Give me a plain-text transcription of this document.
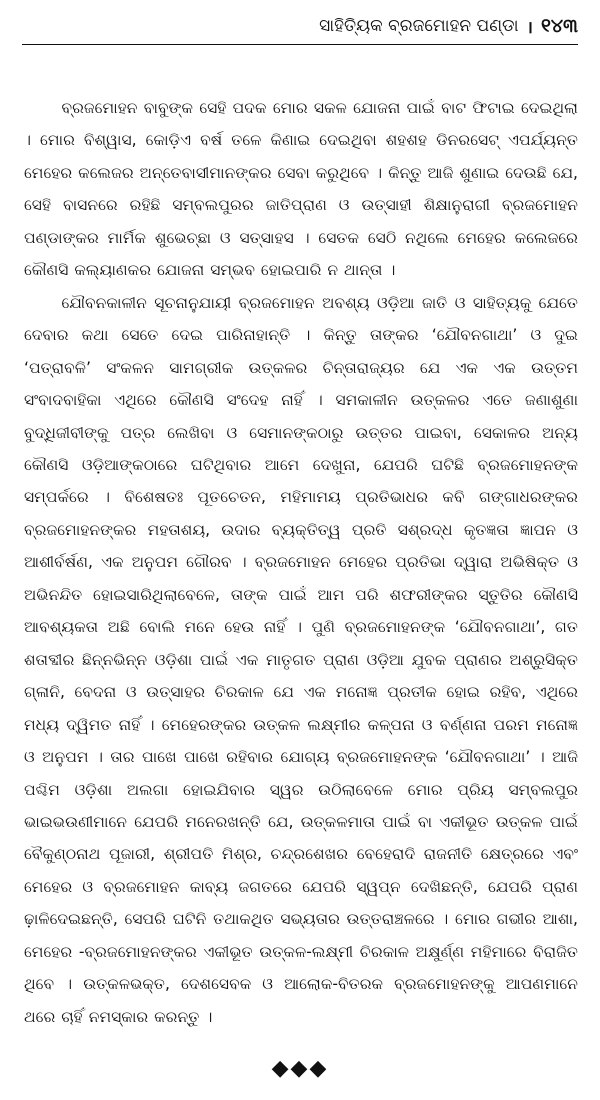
ସାହିତ୍ୟିକ ବ୍ରଜମୋହନ ପଣ୍ଡା । ୧୪୩

ବ୍ରଜମୋହନ ବାବୁଙ୍କ ସେହି ପଦକ ମୋର ସକଳ ଯୋଜନା ପାଇଁ ବାଟ ଫିଟାଇ ଦେଇଥିଲା । ମୋର ବିଶ୍ୱାସ, କୋଡ଼ିଏ ବର୍ଷ ତଳେ କିଣାଇ ଦେଇଥିବା ଶହଶହ ଡିନରସେଟ୍ ଏପର୍ଯ୍ୟନ୍ତ ମେହେର କଲେଜର ଅନ୍ତେବାସୀମାନଙ୍କର ସେବା କରୁଥିବେ । କିନ୍ତୁ ଆଜି ଶୁଣାଇ ଦେଉଛି ଯେ, ସେହି ବାସନରେ ରହିଛି ସମ୍ବଲପୁରର ଜାତିପ୍ରାଣ ଓ ଉତ୍ସାହୀ ଶିକ୍ଷାନୁରାଗୀ ବ୍ରଜମୋହନ ପଣ୍ଡାଙ୍କର ମାର୍ମିକ ଶୁଭେଚ୍ଛା ଓ ସତ୍‌ସାହସ । ସେତକ ସେଠି ନଥିଲେ ମେହେର କଲେଜରେ କୌଣସି କଲ୍ୟାଣକର ଯୋଜନା ସମ୍ଭବ ହୋଇପାରି ନ ଥାନ୍ତା ।

ଯୌବନକାଳୀନ ସୂଚନାନୁଯାୟୀ ବ୍ରଜମୋହନ ଅବଶ୍ୟ ଓଡ଼ିଆ ଜାତି ଓ ସାହିତ୍ୟକୁ ଯେତେ ଦେବାର କଥା ସେତେ ଦେଇ ପାରିନାହାନ୍ତି । କିନ୍ତୁ ତାଙ୍କର ‘ଯୌବନଗାଥା’ ଓ ଦୁଇ ‘ପତ୍ରାବଳି’ ସଂକଳନ ସାମଗ୍ରୀକ ଉତ୍କଳର ଚିନ୍ତାରାଜ୍ୟର ଯେ ଏକ ଏକ ଉତ୍ତମ ସଂବାଦବାହିକା ଏଥିରେ କୌଣସି ସଂଦେହ ନାହିଁ । ସମକାଳୀନ ଉତ୍କଳର ଏତେ ଜଣାଶୁଣା ବୁଦ୍ଧିଜୀବୀଙ୍କୁ ପତ୍ର ଲେଖିବା ଓ ସେମାନଙ୍କଠାରୁ ଉତ୍ତର ପାଇବା, ସେକାଳର ଅନ୍ୟ କୌଣସି ଓଡ଼ିଆଙ୍କଠାରେ ଘଟିଥିବାର ଆମେ ଦେଖୁନା, ଯେପରି ଘଟିଛି ବ୍ରଜମୋହନଙ୍କ ସମ୍ପର୍କରେ । ବିଶେଷତଃ ପୂତଚେତନ, ମହିମାମୟ ପ୍ରତିଭାଧର କବି ଗଙ୍ଗାଧରଙ୍କର ବ୍ରଜମୋହନଙ୍କର ମହତାଶୟ, ଉଦାର ବ୍ୟକ୍ତିତ୍ୱ ପ୍ରତି ସଶ୍ରଦ୍ଧ କୃତଜ୍ଞତା ଜ୍ଞାପନ ଓ ଆଶୀର୍ବର୍ଷଣ, ଏକ ଅନୁପମ ଗୌରବ । ବ୍ରଜମୋହନ ମେହେର ପ୍ରତିଭା ଦ୍ୱାରା ଅଭିଷିକ୍ତ ଓ ଅଭିନନ୍ଦିତ ହୋଇସାରିଥିଲାବେଳେ, ତାଙ୍କ ପାଇଁ ଆମ ପରି ଶଫରୀଙ୍କର ସ୍ତୁତିର କୌଣସି ଆବଶ୍ୟକତା ଅଛି ବୋଲି ମନେ ହେଉ ନାହିଁ । ପୁଣି ବ୍ରଜମୋହନଙ୍କ ‘ଯୌବନଗାଥା’, ଗତ ଶତାବ୍ଦୀର ଛିନ୍ନଭିନ୍ନ ଓଡ଼ିଶା ପାଇଁ ଏକ ମାତୃଗତ ପ୍ରାଣ ଓଡ଼ିଆ ଯୁବକ ପ୍ରାଣର ଅଶ୍ରୁସିକ୍ତ ଗ୍ଳାନି, ବେଦନା ଓ ଉତ୍ସାହର ଚିରକାଳ ଯେ ଏକ ମନୋଜ୍ଞ ପ୍ରତୀକ ହୋଇ ରହିବ, ଏଥିରେ ମଧ୍ୟ ଦ୍ୱିମତ ନାହିଁ । ମେହେରଙ୍କର ଉତ୍କଳ ଲକ୍ଷ୍ମୀର କଳ୍ପନା ଓ ବର୍ଣ୍ଣନା ପରମ ମନୋଜ୍ଞ ଓ ଅନୁପମ । ତାର ପାଖେ ପାଖେ ରହିବାର ଯୋଗ୍ୟ ବ୍ରଜମୋହନଙ୍କ ‘ଯୌବନଗାଥା’ । ଆଜି ପଶ୍ଚିମ ଓଡ଼ିଶା ଅଲଗା ହୋଇଯିବାର ସ୍ୱର ଉଠିଲାବେଳେ ମୋର ପ୍ରିୟ ସମ୍ବଲପୁର ଭାଇଭଉଣୀମାନେ ଯେପରି ମନେରଖନ୍ତି ଯେ, ଉତ୍କଳମାତା ପାଇଁ ବା ଏକୀଭୂତ ଉତ୍କଳ ପାଇଁ ବୈକୁଣ୍ଠନାଥ ପୂଜାରୀ, ଶ୍ରୀପତି ମିଶ୍ର, ଚନ୍ଦ୍ରଶେଖର ବେହେରାଦି ରାଜନୀତି କ୍ଷେତ୍ରରେ ଏବଂ ମେହେର ଓ ବ୍ରଜମୋହନ କାବ୍ୟ ଜଗତରେ ଯେପରି ସ୍ୱପ୍ନ ଦେଖିଛନ୍ତି, ଯେପରି ପ୍ରାଣ ଢ଼ାଳିଦେଇଛନ୍ତି, ସେପରି ଘଟିନି ତଥାକଥିତ ସଭ୍ୟତାର ଉତ୍ତରାଞ୍ଚଳରେ । ମୋର ଗଭୀର ଆଶା, ମେହେର -ବ୍ରଜମୋହନଙ୍କର ଏକୀଭୂତ ଉତ୍କଳ-ଲକ୍ଷ୍ମୀ ଚିରକାଳ ଅକ୍ଷୁର୍ଣ୍ଣ ମହିମାରେ ବିରାଜିତ ଥିବେ । ଉତ୍କଳଭକ୍ତ, ଦେଶସେବକ ଓ ଆଲୋକ-ବିତରକ ବ୍ରଜମୋହନଙ୍କୁ ଆପଣମାନେ ଥରେ ଚାହିଁ ନମସ୍କାର କରନ୍ତୁ ।

◆◆◆
